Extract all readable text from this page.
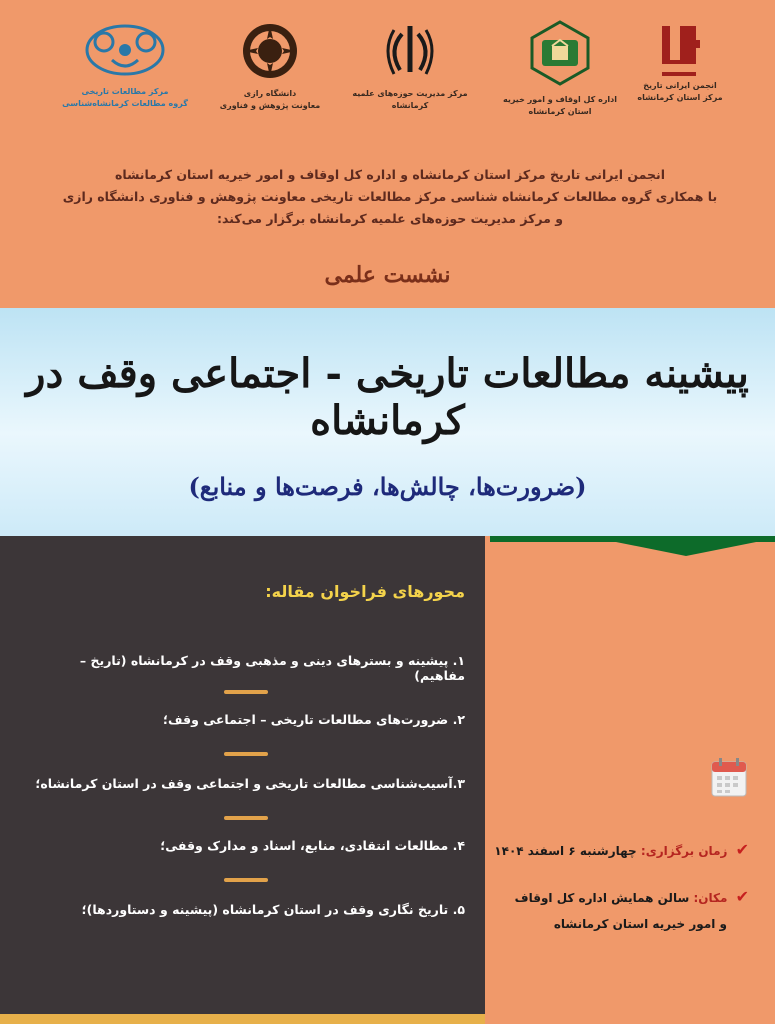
انجمن ایرانی تاریخ
مرکز استان کرمانشاه
اداره کل اوقاف و امور خیریه استان کرمانشاه
مرکز مدیریت حوزه‌های علمیه
کرمانشاه
دانشگاه رازی
معاونت پژوهش و فناوری
مرکز مطالعات تاریخی
گروه مطالعات کرمانشاه‌شناسی
انجمن ایرانی تاریخ مرکز استان کرمانشاه و اداره کل اوقاف و امور خیریه استان کرمانشاه
با همکاری گروه مطالعات کرمانشاه شناسی مرکز مطالعات تاریخی معاونت پژوهش و فناوری دانشگاه رازی
و مرکز مدیریت حوزه‌های علمیه کرمانشاه برگزار می‌کند:
نشست علمی
پیشینه مطالعات تاریخی - اجتماعی وقف در کرمانشاه
(ضرورت‌ها، چالش‌ها، فرصت‌ها و منابع)
محورهای فراخوان مقاله:
۱. پیشینه و بسترهای دینی و مذهبی وقف در کرمانشاه (تاریخ – مفاهیم)
۲. ضرورت‌های مطالعات تاریخی – اجتماعی وقف؛
۳.آسیب‌شناسی مطالعات تاریخی و اجتماعی وقف در استان کرمانشاه؛
۴. مطالعات انتقادی، منابع، اسناد و مدارک وقفی؛
۵. تاریخ نگاری وقف در استان کرمانشاه (پیشینه و دستاوردها)؛
✔ زمان برگزاری: چهارشنبه ۶ اسفند ۱۴۰۴
✔ مکان: سالن همایش اداره کل اوقاف
و امور خیریه استان کرمانشاه
